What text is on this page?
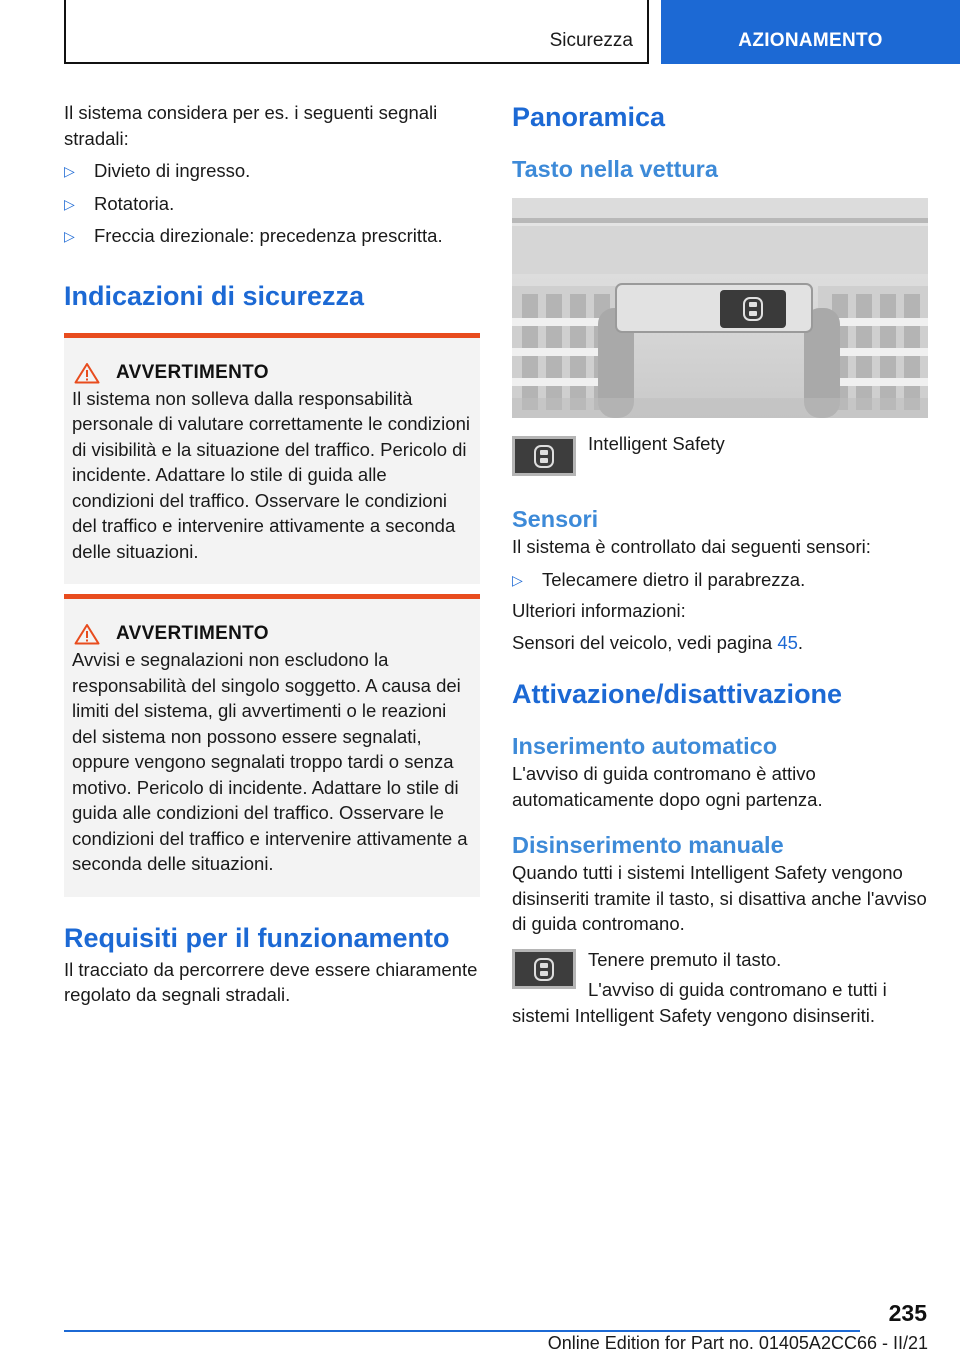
Sicurezza	AZIONAMENTO

Il sistema considera per es. i seguenti segnali stradali:

▷ Divieto di ingresso.
▷ Rotatoria.
▷ Freccia direzionale: precedenza prescritta.
Indicazioni di sicurezza
AVVERTIMENTO

Il sistema non solleva dalla responsabilità personale di valutare correttamente le condizioni di visibilità e la situazione del traffico. Pericolo di incidente. Adattare lo stile di guida alle condizioni del traffico. Osservare le condizioni del traffico e intervenire attivamente a seconda delle situazioni.

AVVERTIMENTO

Avvisi e segnalazioni non escludono la responsabilità del singolo soggetto. A causa dei limiti del sistema, gli avvertimenti o le reazioni del sistema non possono essere segnalati, oppure vengono segnalati troppo tardi o senza motivo. Pericolo di incidente. Adattare lo stile di guida alle condizioni del traffico. Osservare le condizioni del traffico e intervenire attivamente a seconda delle situazioni.

Requisiti per il funzionamento

Il tracciato da percorrere deve essere chiaramente regolato da segnali stradali.

Panoramica
Tasto nella vettura
Intelligent Safety
Sensori

Il sistema è controllato dai seguenti sensori:

▷ Telecamere dietro il parabrezza.

Ulteriori informazioni:

Sensori del veicolo, vedi pagina 45.

Attivazione/disattivazione
Inserimento automatico

L'avviso di guida contromano è attivo automaticamente dopo ogni partenza.

Disinserimento manuale

Quando tutti i sistemi Intelligent Safety vengono disinseriti tramite il tasto, si disattiva anche l'avviso di guida contromano.

Tenere premuto il tasto.

L'avviso di guida contromano e tutti i sistemi Intelligent Safety vengono disinseriti.

235
Online Edition for Part no. 01405A2CC66 - II/21
